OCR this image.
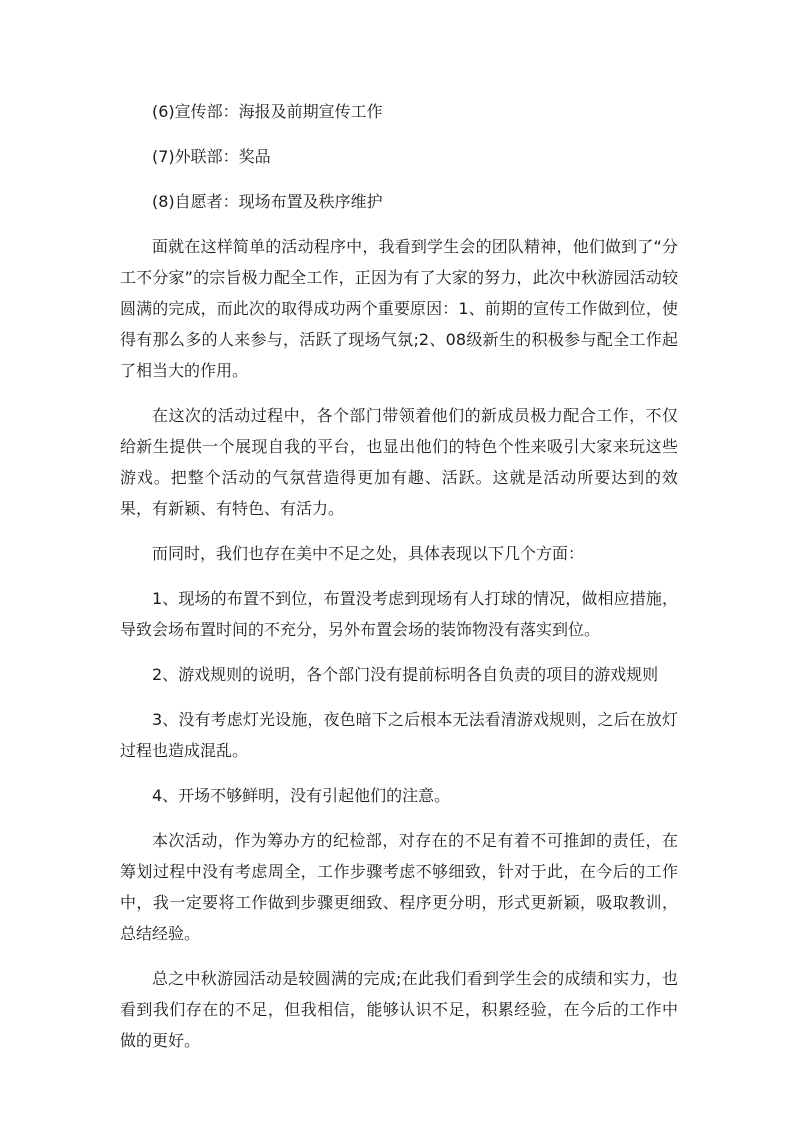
(6)宣传部：海报及前期宣传工作

(7)外联部：奖品

(8)自愿者：现场布置及秩序维护

面就在这样简单的活动程序中，我看到学生会的团队精神，他们做到了“分工不分家”的宗旨极力配全工作，正因为有了大家的努力，此次中秋游园活动较圆满的完成，而此次的取得成功两个重要原因：1、前期的宣传工作做到位，使得有那么多的人来参与，活跃了现场气氛;2、08级新生的积极参与配全工作起了相当大的作用。

在这次的活动过程中，各个部门带领着他们的新成员极力配合工作，不仅给新生提供一个展现自我的平台，也显出他们的特色个性来吸引大家来玩这些游戏。把整个活动的气氛营造得更加有趣、活跃。这就是活动所要达到的效果，有新颖、有特色、有活力。

而同时，我们也存在美中不足之处，具体表现以下几个方面：

1、现场的布置不到位，布置没考虑到现场有人打球的情况，做相应措施，导致会场布置时间的不充分，另外布置会场的装饰物没有落实到位。

2、游戏规则的说明，各个部门没有提前标明各自负责的项目的游戏规则

3、没有考虑灯光设施，夜色暗下之后根本无法看清游戏规则，之后在放灯过程也造成混乱。

4、开场不够鲜明，没有引起他们的注意。

本次活动，作为筹办方的纪检部，对存在的不足有着不可推卸的责任，在筹划过程中没有考虑周全，工作步骤考虑不够细致，针对于此，在今后的工作中，我一定要将工作做到步骤更细致、程序更分明，形式更新颖，吸取教训，总结经验。

总之中秋游园活动是较圆满的完成;在此我们看到学生会的成绩和实力，也看到我们存在的不足，但我相信，能够认识不足，积累经验，在今后的工作中做的更好。
